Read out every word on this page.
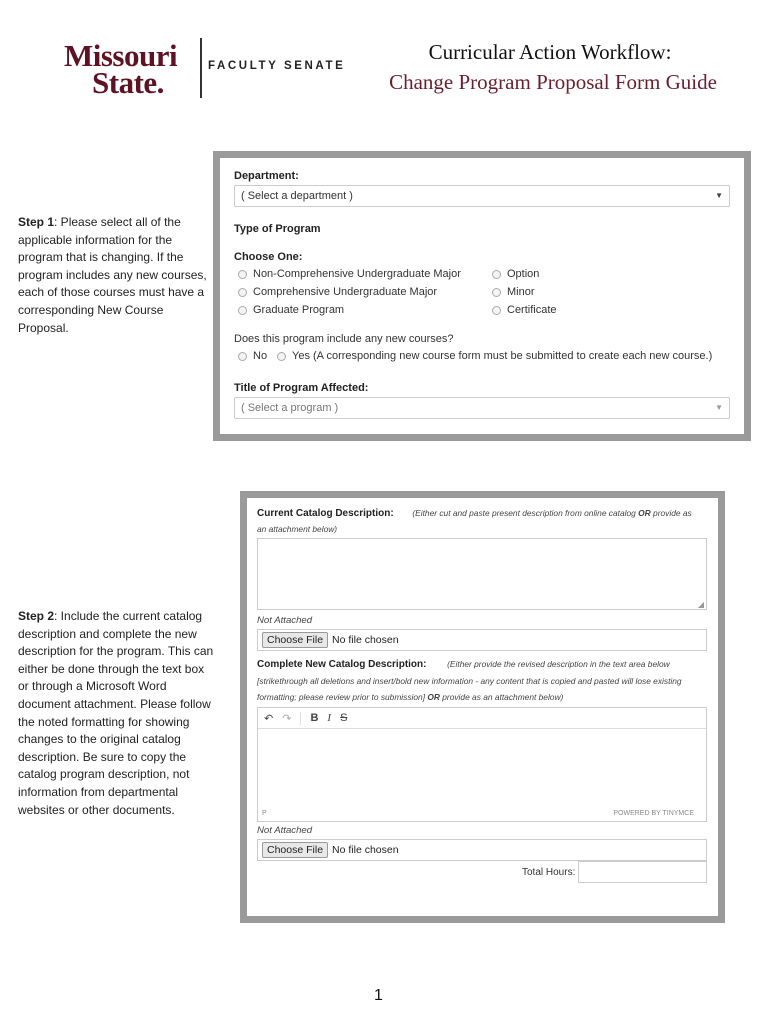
Missouri
State.	FACULTY SENATE
Curricular Action Workflow:
Change Program Proposal Form Guide
Step 1: Please select all of the applicable information for the program that is changing. If the program includes any new courses, each of those courses must have a corresponding New Course Proposal.
Department:
( Select a department )	▼
Type of Program
Choose One:
Non-Comprehensive Undergraduate Major
Comprehensive Undergraduate Major
Graduate Program
Option
Minor
Certificate
Does this program include any new courses?
No Yes (A corresponding new course form must be submitted to create each new course.)
Title of Program Affected:
( Select a program )	▼
Step 2: Include the current catalog description and complete the new description for the program. This can either be done through the text box or through a Microsoft Word document attachment. Please follow the noted formatting for showing changes to the original catalog description. Be sure to copy the catalog program description, not information from departmental websites or other documents.
Current Catalog Description: (Either cut and paste present description from online catalog OR provide as
an attachment below)
◢
Not Attached
Choose File No file chosen
Complete New Catalog Description: (Either provide the revised description in the text area below
[strikethrough all deletions and insert/bold new information - any content that is copied and pasted will lose existing
formatting; please review prior to submission] OR provide as an attachment below)
↶ ↷ B I S
P	POWERED BY TINYMCE
Not Attached
Choose File No file chosen
Total Hours:
1
